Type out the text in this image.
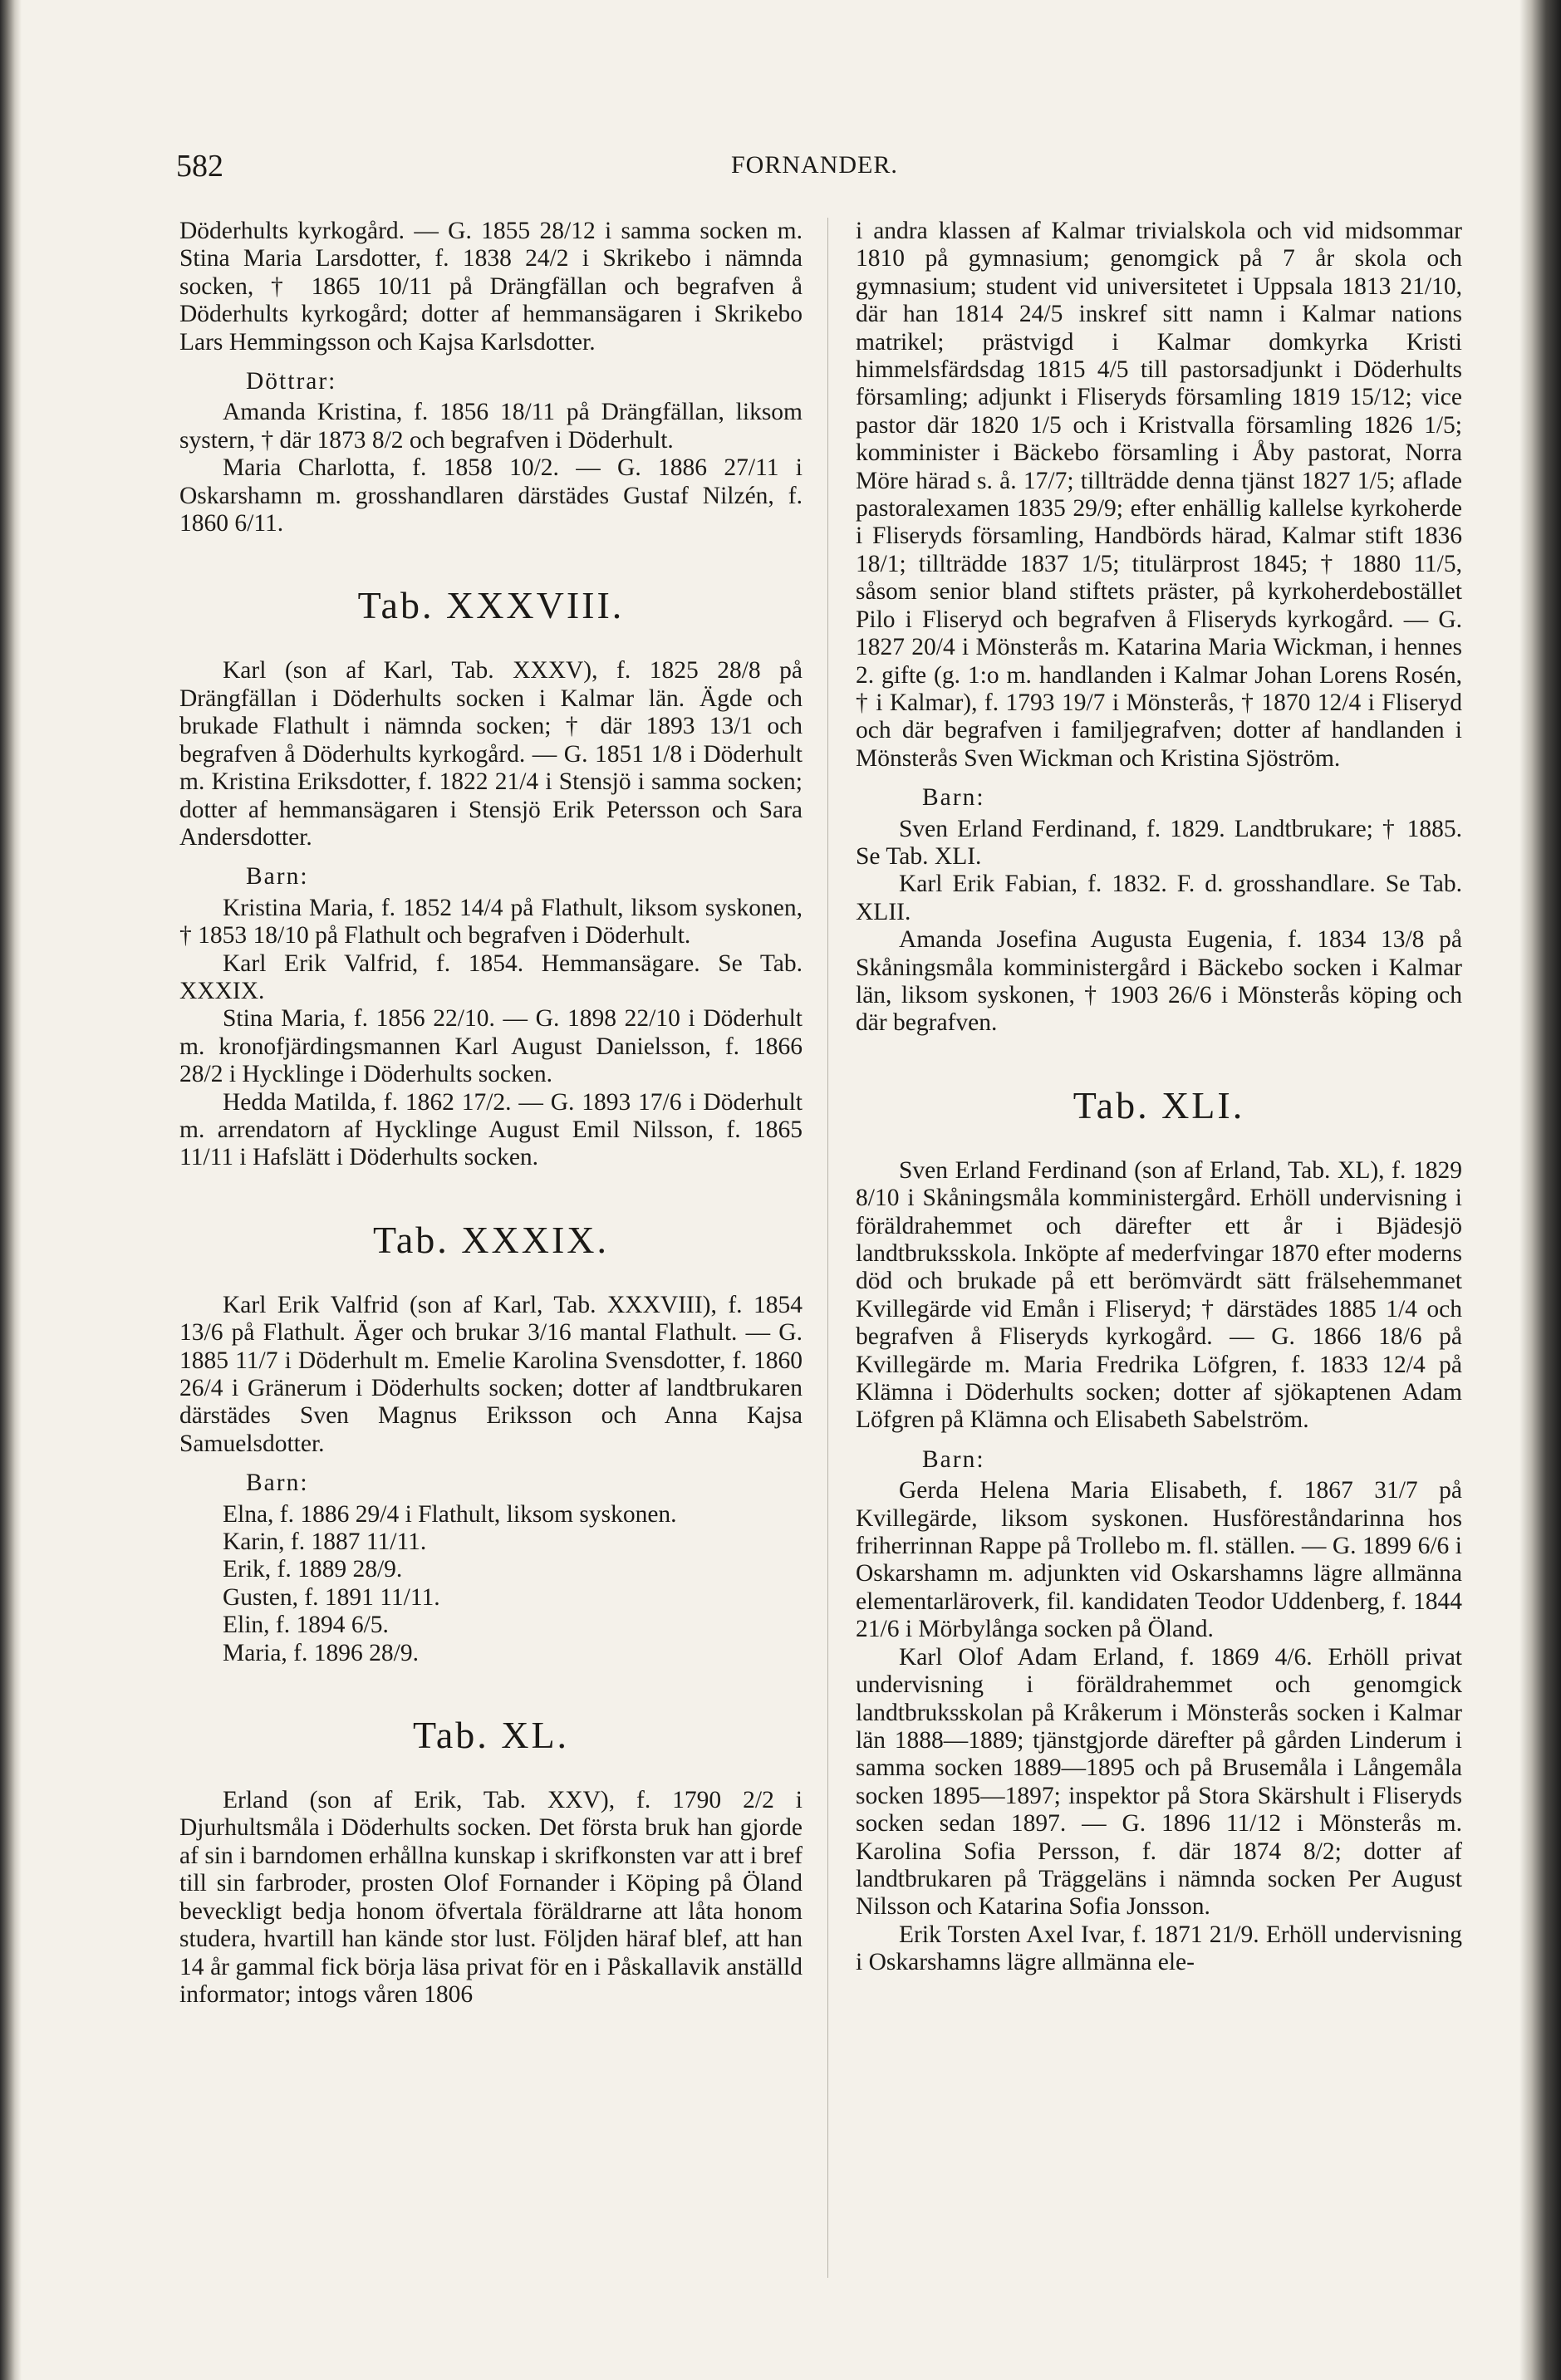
582	FORNANDER.

Döderhults kyrkogård. — G. 1855 28/12 i samma socken m. Stina Maria Larsdotter, f. 1838 24/2 i Skrikebo i nämnda socken, † 1865 10/11 på Drängfällan och begrafven å Döderhults kyrkogård; dotter af hemmansägaren i Skrikebo Lars Hemmingsson och Kajsa Karlsdotter.

Döttrar:

Amanda Kristina, f. 1856 18/11 på Drängfällan, liksom systern, † där 1873 8/2 och begrafven i Döderhult.

Maria Charlotta, f. 1858 10/2. — G. 1886 27/11 i Oskarshamn m. grosshandlaren därstädes Gustaf Nilzén, f. 1860 6/11.

Tab. XXXVIII.

Karl (son af Karl, Tab. XXXV), f. 1825 28/8 på Drängfällan i Döderhults socken i Kalmar län. Ägde och brukade Flathult i nämnda socken; † där 1893 13/1 och begrafven å Döderhults kyrkogård. — G. 1851 1/8 i Döderhult m. Kristina Eriksdotter, f. 1822 21/4 i Stensjö i samma socken; dotter af hemmansägaren i Stensjö Erik Petersson och Sara Andersdotter.

Barn:

Kristina Maria, f. 1852 14/4 på Flathult, liksom syskonen, † 1853 18/10 på Flathult och begrafven i Döderhult.

Karl Erik Valfrid, f. 1854. Hemmansägare. Se Tab. XXXIX.

Stina Maria, f. 1856 22/10. — G. 1898 22/10 i Döderhult m. kronofjärdingsmannen Karl August Danielsson, f. 1866 28/2 i Hycklinge i Döderhults socken.

Hedda Matilda, f. 1862 17/2. — G. 1893 17/6 i Döderhult m. arrendatorn af Hycklinge August Emil Nilsson, f. 1865 11/11 i Hafslätt i Döderhults socken.

Tab. XXXIX.

Karl Erik Valfrid (son af Karl, Tab. XXXVIII), f. 1854 13/6 på Flathult. Äger och brukar 3/16 mantal Flathult. — G. 1885 11/7 i Döderhult m. Emelie Karolina Svensdotter, f. 1860 26/4 i Gränerum i Döderhults socken; dotter af landtbrukaren därstädes Sven Magnus Eriksson och Anna Kajsa Samuelsdotter.

Barn:

Elna, f. 1886 29/4 i Flathult, liksom syskonen.

Karin, f. 1887 11/11.

Erik, f. 1889 28/9.

Gusten, f. 1891 11/11.

Elin, f. 1894 6/5.

Maria, f. 1896 28/9.

Tab. XL.

Erland (son af Erik, Tab. XXV), f. 1790 2/2 i Djurhultsmåla i Döderhults socken. Det första bruk han gjorde af sin i barndomen erhållna kunskap i skrifkonsten var att i bref till sin farbroder, prosten Olof Fornander i Köping på Öland beveckligt bedja honom öfvertala föräldrarne att låta honom studera, hvartill han kände stor lust. Följden häraf blef, att han 14 år gammal fick börja läsa privat för en i Påskallavik anställd informator; intogs våren 1806

i andra klassen af Kalmar trivialskola och vid midsommar 1810 på gymnasium; genomgick på 7 år skola och gymnasium; student vid universitetet i Uppsala 1813 21/10, där han 1814 24/5 inskref sitt namn i Kalmar nations matrikel; prästvigd i Kalmar domkyrka Kristi himmelsfärdsdag 1815 4/5 till pastorsadjunkt i Döderhults församling; adjunkt i Fliseryds församling 1819 15/12; vice pastor där 1820 1/5 och i Kristvalla församling 1826 1/5; komminister i Bäckebo församling i Åby pastorat, Norra Möre härad s. å. 17/7; tillträdde denna tjänst 1827 1/5; aflade pastoralexamen 1835 29/9; efter enhällig kallelse kyrkoherde i Fliseryds församling, Handbörds härad, Kalmar stift 1836 18/1; tillträdde 1837 1/5; titulärprost 1845; † 1880 11/5, såsom senior bland stiftets präster, på kyrkoherdebostället Pilo i Fliseryd och begrafven å Fliseryds kyrkogård. — G. 1827 20/4 i Mönsterås m. Katarina Maria Wickman, i hennes 2. gifte (g. 1:o m. handlanden i Kalmar Johan Lorens Rosén, † i Kalmar), f. 1793 19/7 i Mönsterås, † 1870 12/4 i Fliseryd och där begrafven i familjegrafven; dotter af handlanden i Mönsterås Sven Wickman och Kristina Sjöström.

Barn:

Sven Erland Ferdinand, f. 1829. Landtbrukare; † 1885. Se Tab. XLI.

Karl Erik Fabian, f. 1832. F. d. grosshandlare. Se Tab. XLII.

Amanda Josefina Augusta Eugenia, f. 1834 13/8 på Skåningsmåla komministergård i Bäckebo socken i Kalmar län, liksom syskonen, † 1903 26/6 i Mönsterås köping och där begrafven.

Tab. XLI.

Sven Erland Ferdinand (son af Erland, Tab. XL), f. 1829 8/10 i Skåningsmåla komministergård. Erhöll undervisning i föräldrahemmet och därefter ett år i Bjädesjö landtbruksskola. Inköpte af mederfvingar 1870 efter moderns död och brukade på ett berömvärdt sätt frälsehemmanet Kvillegärde vid Emån i Fliseryd; † därstädes 1885 1/4 och begrafven å Fliseryds kyrkogård. — G. 1866 18/6 på Kvillegärde m. Maria Fredrika Löfgren, f. 1833 12/4 på Klämna i Döderhults socken; dotter af sjökaptenen Adam Löfgren på Klämna och Elisabeth Sabelström.

Barn:

Gerda Helena Maria Elisabeth, f. 1867 31/7 på Kvillegärde, liksom syskonen. Husföreståndarinna hos friherrinnan Rappe på Trollebo m. fl. ställen. — G. 1899 6/6 i Oskarshamn m. adjunkten vid Oskarshamns lägre allmänna elementarläroverk, fil. kandidaten Teodor Uddenberg, f. 1844 21/6 i Mörbylånga socken på Öland.

Karl Olof Adam Erland, f. 1869 4/6. Erhöll privat undervisning i föräldrahemmet och genomgick landtbruksskolan på Kråkerum i Mönsterås socken i Kalmar län 1888—1889; tjänstgjorde därefter på gården Linderum i samma socken 1889—1895 och på Brusemåla i Långemåla socken 1895—1897; inspektor på Stora Skärshult i Fliseryds socken sedan 1897. — G. 1896 11/12 i Mönsterås m. Karolina Sofia Persson, f. där 1874 8/2; dotter af landtbrukaren på Träggeläns i nämnda socken Per August Nilsson och Katarina Sofia Jonsson.

Erik Torsten Axel Ivar, f. 1871 21/9. Erhöll undervisning i Oskarshamns lägre allmänna ele-
